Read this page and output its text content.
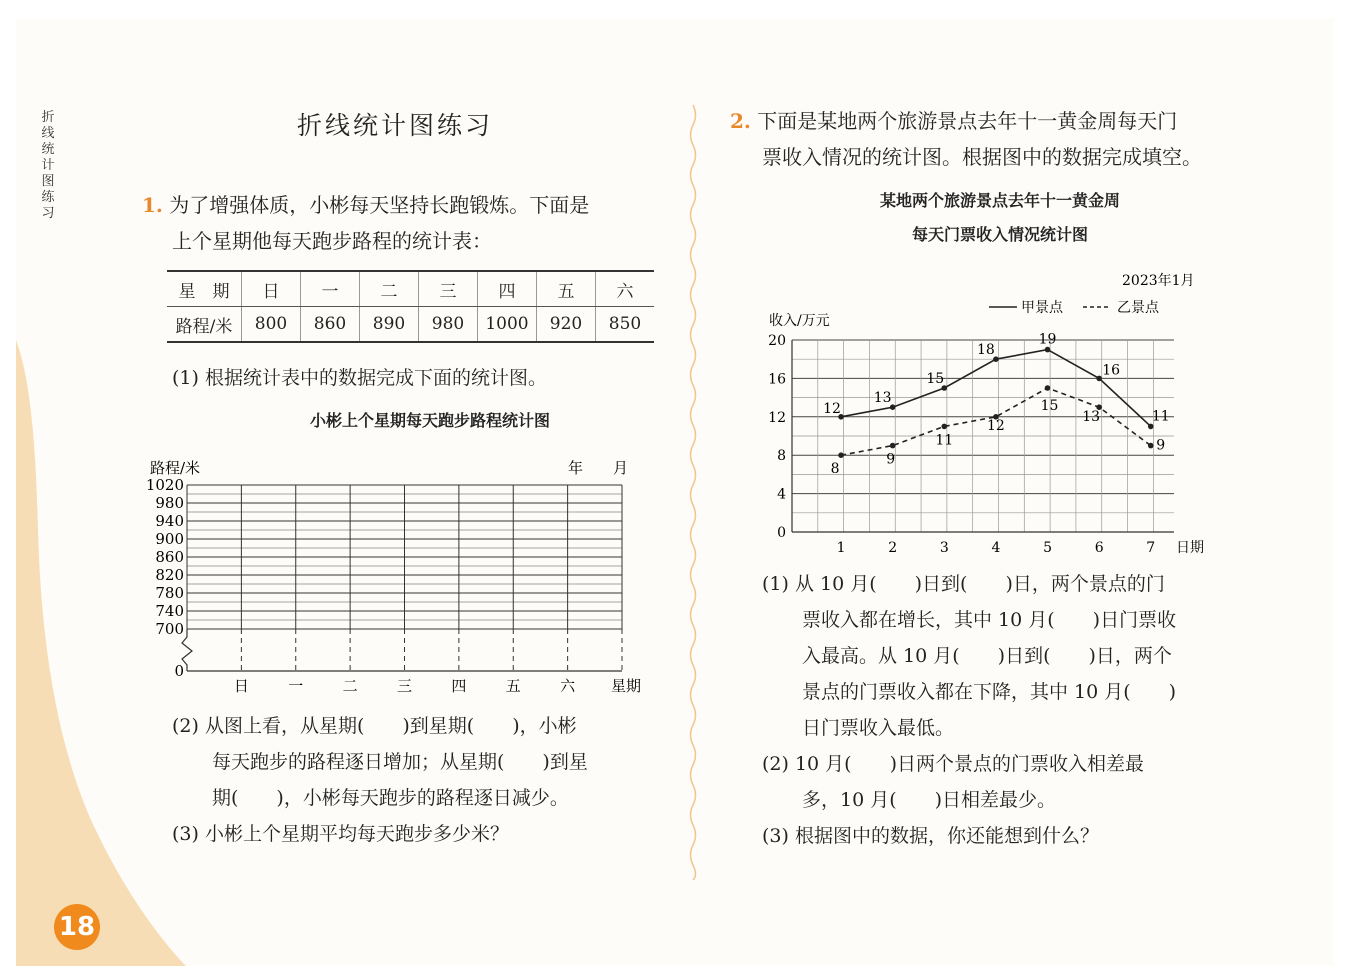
折线统计图练习
18
折线统计图练习
1. 为了增强体质，小彬每天坚持长跑锻炼。下面是
上个星期他每天跑步路程的统计表：
星　期	日	一	二	三	四	五	六
路程/米	800	860	890	980	1000	920	850
(1) 根据统计表中的数据完成下面的统计图。
小彬上个星期每天跑步路程统计图
700
740
780
820
860
900
940
980
1020
0
日	一	二	三	四	五	六 星期
路程/米	年　　月
(2) 从图上看，从星期(　　)到星期(　　)，小彬
每天跑步的路程逐日增加；从星期(　　)到星
期(　　)，小彬每天跑步的路程逐日减少。
(3) 小彬上个星期平均每天跑步多少米？
2. 下面是某地两个旅游景点去年十一黄金周每天门
票收入情况的统计图。根据图中的数据完成填空。
某地两个旅游景点去年十一黄金周
每天门票收入情况统计图
0
4
8
12
16
20
1	2	3	4	5	6	7 日期
收入/万元
2023年1月
甲景点	乙景点
12
13
15
18
19
16
11
8
9
11
12
15
13
9
(1) 从 10 月(　　)日到(　　)日，两个景点的门
票收入都在增长，其中 10 月(　　)日门票收
入最高。从 10 月(　　)日到(　　)日，两个
景点的门票收入都在下降，其中 10 月(　　)
日门票收入最低。
(2) 10 月(　　)日两个景点的门票收入相差最
多，10 月(　　)日相差最少。
(3) 根据图中的数据，你还能想到什么？
